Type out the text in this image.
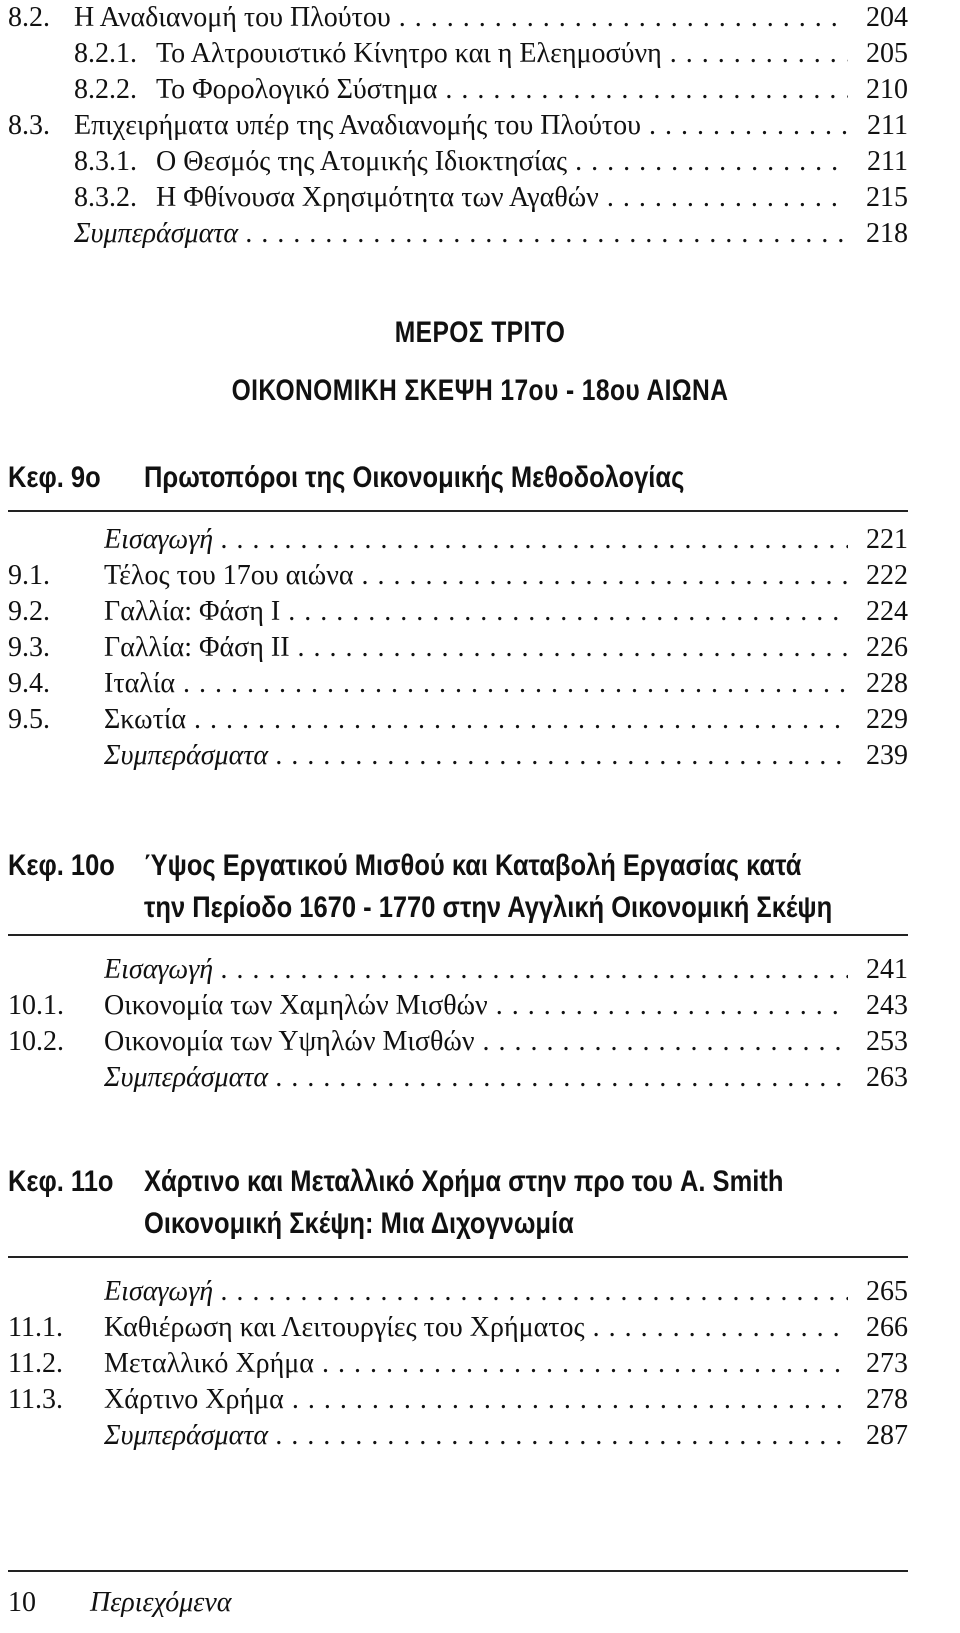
8.2. Η Αναδιανομή του Πλούτου . . .	204
8.2.1. Το Αλτρουιστικό Κίνητρο και η Ελεημοσύνη . . .	205
8.2.2. Το Φορολογικό Σύστημα . . .	210
8.3. Επιχειρήματα υπέρ της Αναδιανομής του Πλούτου . . .	211
8.3.1. Ο Θεσμός της Ατομικής Ιδιοκτησίας . . .	211
8.3.2. Η Φθίνουσα Χρησιμότητα των Αγαθών . . .	215
Συμπεράσματα . . .	218
ΜΕΡΟΣ ΤΡΙΤΟ
ΟΙΚΟΝΟΜΙΚΗ ΣΚΕΨΗ 17ου - 18ου ΑΙΩΝΑ
Κεφ. 9ο Πρωτοπόροι της Οικονομικής Μεθοδολογίας
Εισαγωγή . . .	221
9.1. Τέλος του 17ου αιώνα . . .	222
9.2. Γαλλία: Φάση Ι . . .	224
9.3. Γαλλία: Φάση ΙΙ . . .	226
9.4. Ιταλία . . .	228
9.5. Σκωτία . . .	229
Συμπεράσματα . . .	239
Κεφ. 10ο Ύψος Εργατικού Μισθού και Καταβολή Εργασίας κατά
την Περίοδο 1670 - 1770 στην Αγγλική Οικονομική Σκέψη
Εισαγωγή . . .	241
10.1. Οικονομία των Χαμηλών Μισθών . . .	243
10.2. Οικονομία των Υψηλών Μισθών . . .	253
Συμπεράσματα . . .	263
Κεφ. 11ο Χάρτινο και Μεταλλικό Χρήμα στην προ του A. Smith
Οικονομική Σκέψη: Μια Διχογνωμία
Εισαγωγή . . .	265
11.1. Καθιέρωση και Λειτουργίες του Χρήματος . . .	266
11.2. Μεταλλικό Χρήμα . . .	273
11.3. Χάρτινο Χρήμα . . .	278
Συμπεράσματα . . .	287
10 Περιεχόμενα
